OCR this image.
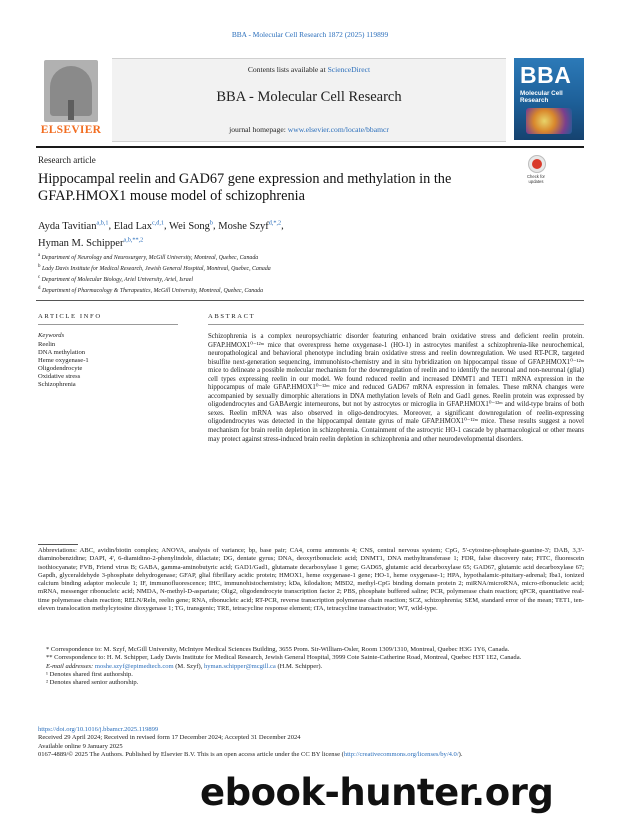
BBA - Molecular Cell Research 1872 (2025) 119899
ELSEVIER
Contents lists available at ScienceDirect
BBA - Molecular Cell Research
journal homepage: www.elsevier.com/locate/bbamcr
BBA
Molecular Cell Research
Research article
Check for updates
Hippocampal reelin and GAD67 gene expression and methylation in the GFAP.HMOX1 mouse model of schizophrenia
Ayda Tavitian$^{a,b,1}$, Elad Lax$^{c,d,1}$, Wei Song$^b$, Moshe Szyf$^{d,*,2}$,
Hyman M. Schipper$^{a,b,**,2}$
$^a$ Department of Neurology and Neurosurgery, McGill University, Montreal, Quebec, Canada
$^b$ Lady Davis Institute for Medical Research, Jewish General Hospital, Montreal, Quebec, Canada
$^c$ Department of Molecular Biology, Ariel University, Ariel, Israel
$^d$ Department of Pharmacology & Therapeutics, McGill University, Montreal, Quebec, Canada
ARTICLE INFO
Keywords
Reelin
DNA methylation
Heme oxygenase-1
Oligodendrocyte
Oxidative stress
Schizophrenia
ABSTRACT
Schizophrenia is a complex neuropsychiatric disorder featuring enhanced brain oxidative stress and deficient reelin protein. GFAP.HMOX1⁰⁻¹²ᵐ mice that overexpress heme oxygenase-1 (HO-1) in astrocytes manifest a schizophrenia-like neurochemical, neuropathological and behavioral phenotype including brain oxidative stress and reelin downregulation. We used RT-PCR, targeted bisulfite next-generation sequencing, immunohisto-chemistry and in situ hybridization on hippocampal tissue of GFAP.HMOX1⁰⁻¹²ᵐ mice to delineate a possible molecular mechanism for the downregulation of reelin and to identify the neuronal and non-neuronal (glial) cell types expressing reelin in our model. We found reduced reelin and increased DNMT1 and TET1 mRNA expression in the hippocampus of male GFAP.HMOX1⁰⁻¹²ᵐ mice and reduced GAD67 mRNA expression in females. These mRNA changes were accompanied by sexually dimorphic alterations in DNA methylation levels of Reln and Gad1 genes. Reelin protein was expressed by oligodendrocytes and GABAergic interneurons, but not by astrocytes or microglia in GFAP.HMOX1⁰⁻¹²ᵐ and wild-type brains of both sexes. Reelin mRNA was also observed in oligo-dendrocytes. Moreover, a significant downregulation of reelin-expressing oligodendrocytes was detected in the hippocampal dentate gyrus of male GFAP.HMOX1⁰⁻¹²ᵐ mice. These results suggest a novel mechanism for brain reelin depletion in schizophrenia. Containment of the astrocytic HO-1 cascade by pharmacological or other means may protect against stress-induced brain reelin depletion in schizophrenia and other neurodevelopmental disorders.
Abbreviations: ABC, avidin/biotin complex; ANOVA, analysis of variance; bp, base pair; CA4, cornu ammonis 4; CNS, central nervous system; CpG, 5'-cytosine-phosphate-guanine-3'; DAB, 3,3'-diaminobenzidine; DAPI, 4', 6-diamidino-2-phenylindole, dilactate; DG, dentate gyrus; DNA, deoxyribonucleic acid; DNMT1, DNA methyltransferase 1; FDR, false discovery rate; FITC, fluorescein isothiocyanate; FVB, Friend virus B; GABA, gamma-aminobutyric acid; GAD1/Gad1, glutamate decarboxylase 1 gene; GAD65, glutamic acid decarboxylase 65; GAD67, glutamic acid decarboxylase 67; Gapdh, glyceraldehyde 3-phosphate dehydrogenase; GFAP, glial fibrillary acidic protein; HMOX1, heme oxygenase-1 gene; HO-1, heme oxygenase-1; HPA, hypothalamic-pituitary-adrenal; Iba1, ionized calcium binding adaptor molecule 1; IF, immunofluorescence; IHC, immunohistochemistry; kDa, kilodalton; MBD2, methyl-CpG binding domain protein 2; miRNA/microRNA, micro-ribonucleic acid; mRNA, messenger ribonucleic acid; NMDA, N-methyl-D-aspartate; Olig2, oligodendrocyte transcription factor 2; PBS, phosphate buffered saline; PCR, polymerase chain reaction; qPCR, quantitative real-time polymerase chain reaction; RELN/Reln, reelin gene; RNA, ribonucleic acid; RT-PCR, reverse transcription polymerase chain reaction; SCZ, schizophrenia; SEM, standard error of the mean; TET1, ten-eleven translocation methylcytosine dioxygenase 1; TG, transgenic; TRE, tetracycline response element; tTA, tetracycline transactivator; WT, wild-type.

* Correspondence to: M. Szyf, McGill University, McIntyre Medical Sciences Building, 3655 Prom. Sir-William-Osler, Room 1309/1310, Montreal, Quebec H3G 1Y6, Canada.

** Correspondence to: H. M. Schipper, Lady Davis Institute for Medical Research, Jewish General Hospital, 3999 Cote Sainte-Catherine Road, Montreal, Quebec H3T 1E2, Canada.

E-mail addresses: moshe.szyf@epimedtech.com (M. Szyf), hyman.schipper@mcgill.ca (H.M. Schipper).

¹ Denotes shared first authorship.

² Denotes shared senior authorship.

https://doi.org/10.1016/j.bbamcr.2025.119899

Received 29 April 2024; Received in revised form 17 December 2024; Accepted 31 December 2024

Available online 9 January 2025

0167-4889/© 2025 The Authors. Published by Elsevier B.V. This is an open access article under the CC BY license (http://creativecommons.org/licenses/by/4.0/).

ebook-hunter.org
